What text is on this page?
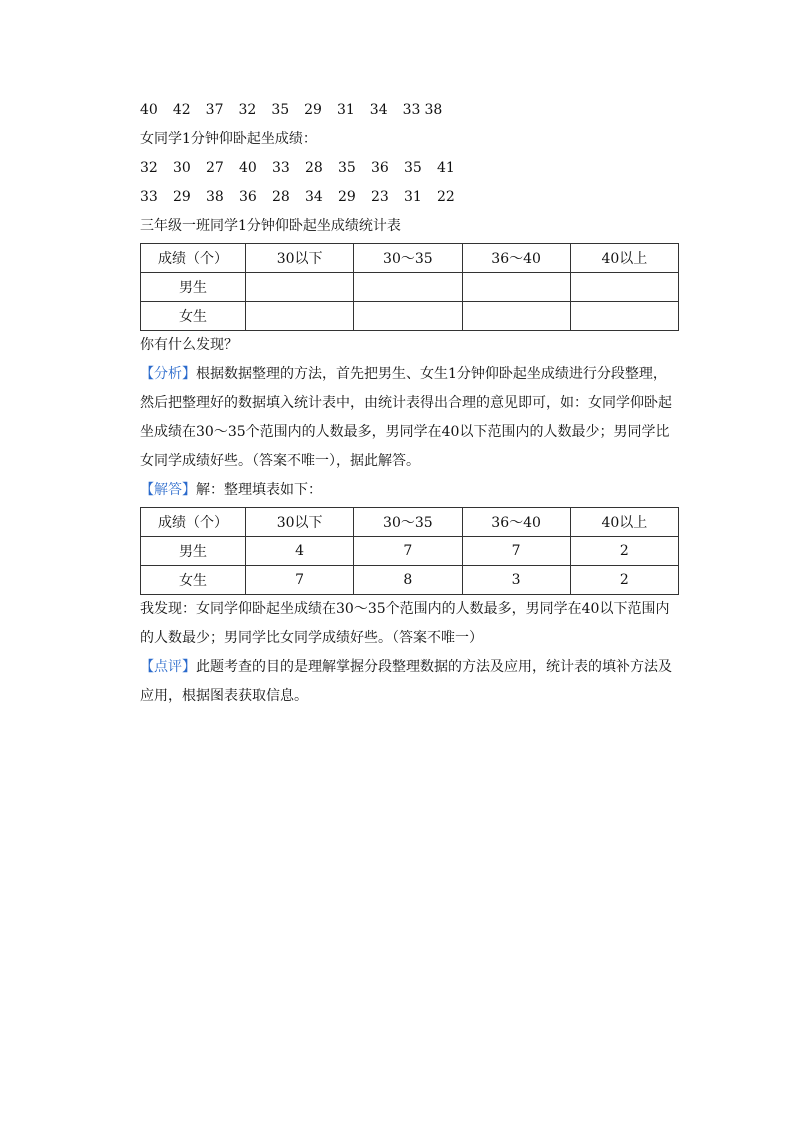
40 42 37 32 35 29 31 34 33 38
女同学1分钟仰卧起坐成绩：
32	30	27	40	33	28	35	36	35	41
33	29	38	36	28	34	29	23	31	22
三年级一班同学1分钟仰卧起坐成绩统计表
成绩（个）	30以下	30～35	36～40	40以上
男生				
女生				
你有什么发现？
【分析】根据数据整理的方法，首先把男生、女生1分钟仰卧起坐成绩进行分段整理，
然后把整理好的数据填入统计表中，由统计表得出合理的意见即可，如：女同学仰卧起
坐成绩在30～35个范围内的人数最多，男同学在40以下范围内的人数最少；男同学比
女同学成绩好些。（答案不唯一），据此解答。
【解答】解：整理填表如下：
成绩（个）	30以下	30～35	36～40	40以上
男生	4	7	7	2
女生	7	8	3	2
我发现：女同学仰卧起坐成绩在30～35个范围内的人数最多，男同学在40以下范围内
的人数最少；男同学比女同学成绩好些。（答案不唯一）
【点评】此题考查的目的是理解掌握分段整理数据的方法及应用，统计表的填补方法及
应用，根据图表获取信息。
